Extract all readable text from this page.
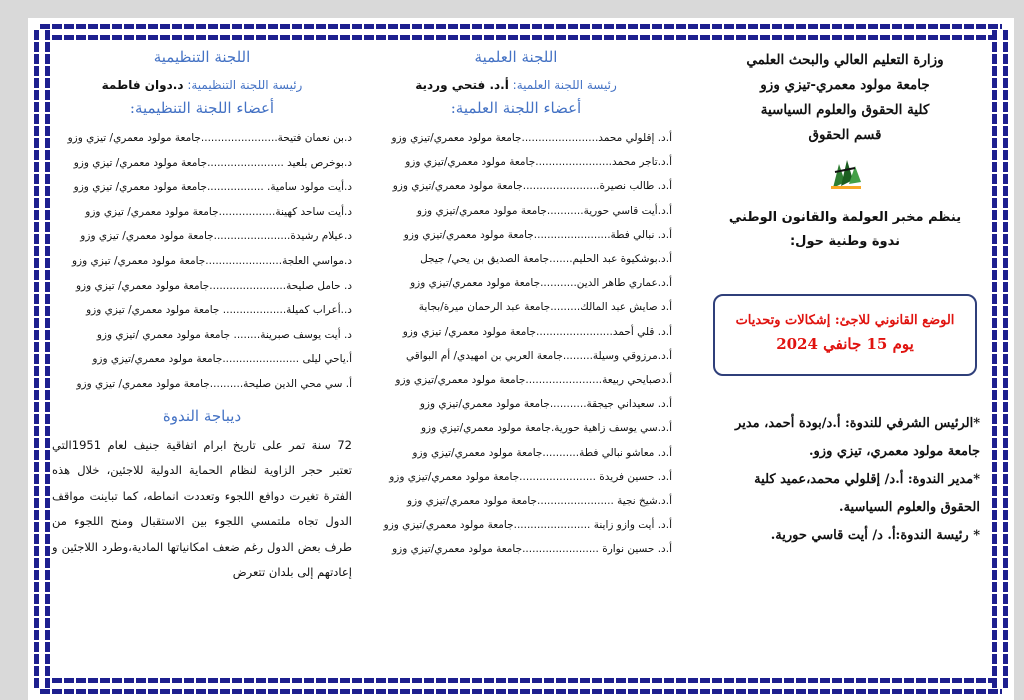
وزارة التعليم العالي والبحث العلمي
جامعة مولود معمري-تيزي وزو
كلية الحقوق والعلوم السياسية
قسم الحقوق
ينظم مخبر العولمة والقانون الوطني
ندوة وطنية حول:
الوضع القانوني للاجئ: إشكالات وتحديات
يوم 15 جانفي 2024

*الرئيس الشرفي للندوة: أ.د/بودة أحمد، مدير

جامعة مولود معمري، تيزي وزو.

*مدير الندوة: أ.د/ إقلولي محمد،عميد كلية

الحقوق والعلوم السياسية.

* رئيسة الندوة:أ. د/ أيت قاسي حورية.

اللجنة العلمية
رئيسة اللجنة العلمية: أ.د. فتحي وردية
أعضاء اللجنة العلمية:
أ.د. إقلولي محمد.......................جامعة مولود معمري/تيزي وزو
أ.د.تاجر محمد.......................جامعة مولود معمري/تيزي وزو
أ.د. طالب نصيرة.......................جامعة مولود معمري/تيزي وزو
أ.د.أيت قاسي حورية...........جامعة مولود معمري/تيزي وزو
أ.د. نبالي فطة.......................جامعة مولود معمري/تيزي وزو
أ.د.بوشكيوة عبد الحليم.......جامعة الصديق بن يحي/ جيجل
أ.د.عماري طاهر الدين...........جامعة مولود معمري/تيزي وزو
أ.د صايش عبد المالك.........جامعة عبد الرحمان ميرة/بجاية
أ.د. قلي أحمد.......................جامعة مولود معمري/ تيزي وزو
أ.د.مرزوقي وسيلة.........جامعة العربي بن امهيدي/ أم البواقي
أ.دصبايحي ربيعة.......................جامعة مولود معمري/تيزي وزو
أ.د. سعيداني جيجقة...........جامعة مولود معمري/تيزي وزو
أ.د.سي يوسف زاهية حورية.جامعة مولود معمري/تيزي وزو
أ.د. معاشو نبالي فطة...........جامعة مولود معمري/تيزي وزو
أ.د. حسين فريدة .......................جامعة مولود معمري/تيزي وزو
أ.د.شيخ نجية .......................جامعة مولود معمري/تيزي وزو
أ.د. أيت وازو زاينة .......................جامعة مولود معمري/تيزي وزو
أ.د. حسين نوارة .......................جامعة مولود معمري/تيزي وزو
اللجنة التنظيمية
رئيسة اللجنة التنظيمية: د.دوان فاطمة
أعضاء اللجنة التنظيمية:
د.بن نعمان فتيحة.......................جامعة مولود معمري/ تيزي وزو
د.بوخرص بلعيد .......................جامعة مولود معمري/ تيزي وزو
د.أيت مولود سامية. .................جامعة مولود معمري/ تيزي وزو
د.أيت ساحد كهينة.................جامعة مولود معمري/ تيزي وزو
د.عيلام رشيدة.......................جامعة مولود معمري/ تيزي وزو
د.مواسي العلجة.......................جامعة مولود معمري/ تيزي وزو
د. حامل صليحة.......................جامعة مولود معمري/ تيزي وزو
د..أعراب كميلة................... جامعة مولود معمري/ تيزي وزو
د. أيت يوسف صبرينة........ جامعة مولود معمري /تيزي وزو
أ.ياحي ليلى .......................جامعة مولود معمري/تيزي وزو
أ. سي محي الدين صليحة..........جامعة مولود معمري/ تيزي وزو
ديباجة الندوة

72 سنة تمر على تاريخ ابرام اتفاقية جنيف لعام 1951التي تعتبر حجر الزاوية لنظام الحماية الدولية للاجئين، خلال هذه الفترة تغيرت دوافع اللجوء وتعددت انماطه، كما تباينت مواقف الدول تجاه ملتمسي اللجوء بين الاستقبال ومنح اللجوء من طرف بعض الدول رغم ضعف امكانياتها المادية،وطرد اللاجئين و إعادتهم إلى بلدان تتعرض
